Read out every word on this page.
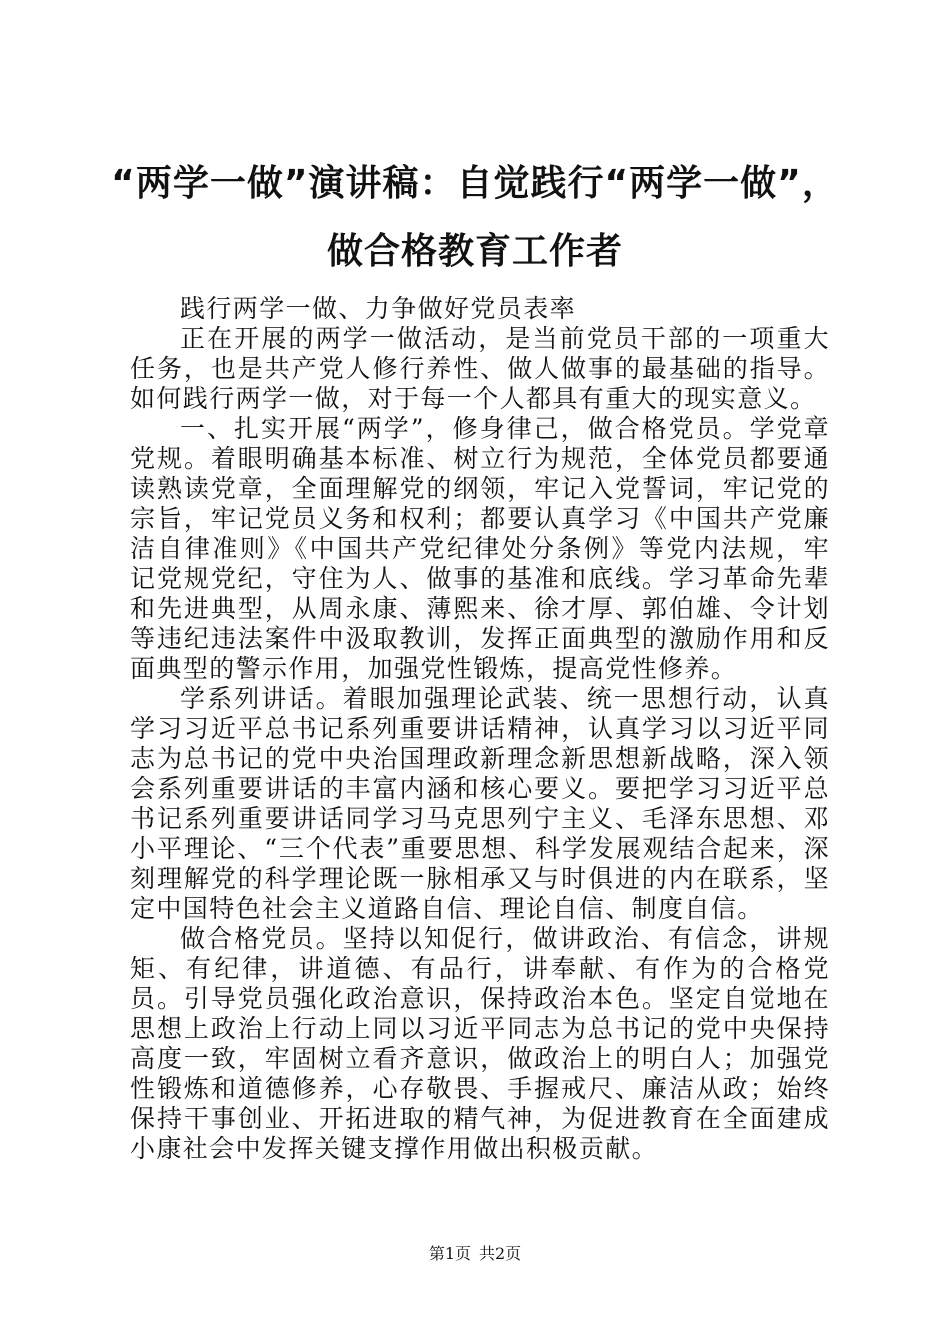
“两学一做”演讲稿：自觉践行“两学一做”，
做合格教育工作者

践行两学一做、力争做好党员表率

正在开展的两学一做活动，是当前党员干部的一项重大任务，也是共产党人修行养性、做人做事的最基础的指导。如何践行两学一做，对于每一个人都具有重大的现实意义。

一、扎实开展“两学”，修身律己，做合格党员。学党章党规。着眼明确基本标准、树立行为规范，全体党员都要通读熟读党章，全面理解党的纲领，牢记入党誓词，牢记党的宗旨，牢记党员义务和权利；都要认真学习《中国共产党廉洁自律准则》《中国共产党纪律处分条例》等党内法规，牢记党规党纪，守住为人、做事的基准和底线。学习革命先辈和先进典型，从周永康、薄熙来、徐才厚、郭伯雄、令计划等违纪违法案件中汲取教训，发挥正面典型的激励作用和反面典型的警示作用，加强党性锻炼，提高党性修养。

学系列讲话。着眼加强理论武装、统一思想行动，认真学习习近平总书记系列重要讲话精神，认真学习以习近平同志为总书记的党中央治国理政新理念新思想新战略，深入领会系列重要讲话的丰富内涵和核心要义。要把学习习近平总书记系列重要讲话同学习马克思列宁主义、毛泽东思想、邓小平理论、“三个代表”重要思想、科学发展观结合起来，深刻理解党的科学理论既一脉相承又与时俱进的内在联系，坚定中国特色社会主义道路自信、理论自信、制度自信。

做合格党员。坚持以知促行，做讲政治、有信念，讲规矩、有纪律，讲道德、有品行，讲奉献、有作为的合格党员。引导党员强化政治意识，保持政治本色。坚定自觉地在思想上政治上行动上同以习近平同志为总书记的党中央保持高度一致，牢固树立看齐意识，做政治上的明白人；加强党性锻炼和道德修养，心存敬畏、手握戒尺、廉洁从政；始终保持干事创业、开拓进取的精气神，为促进教育在全面建成小康社会中发挥关键支撑作用做出积极贡献。

第1页 共2页
